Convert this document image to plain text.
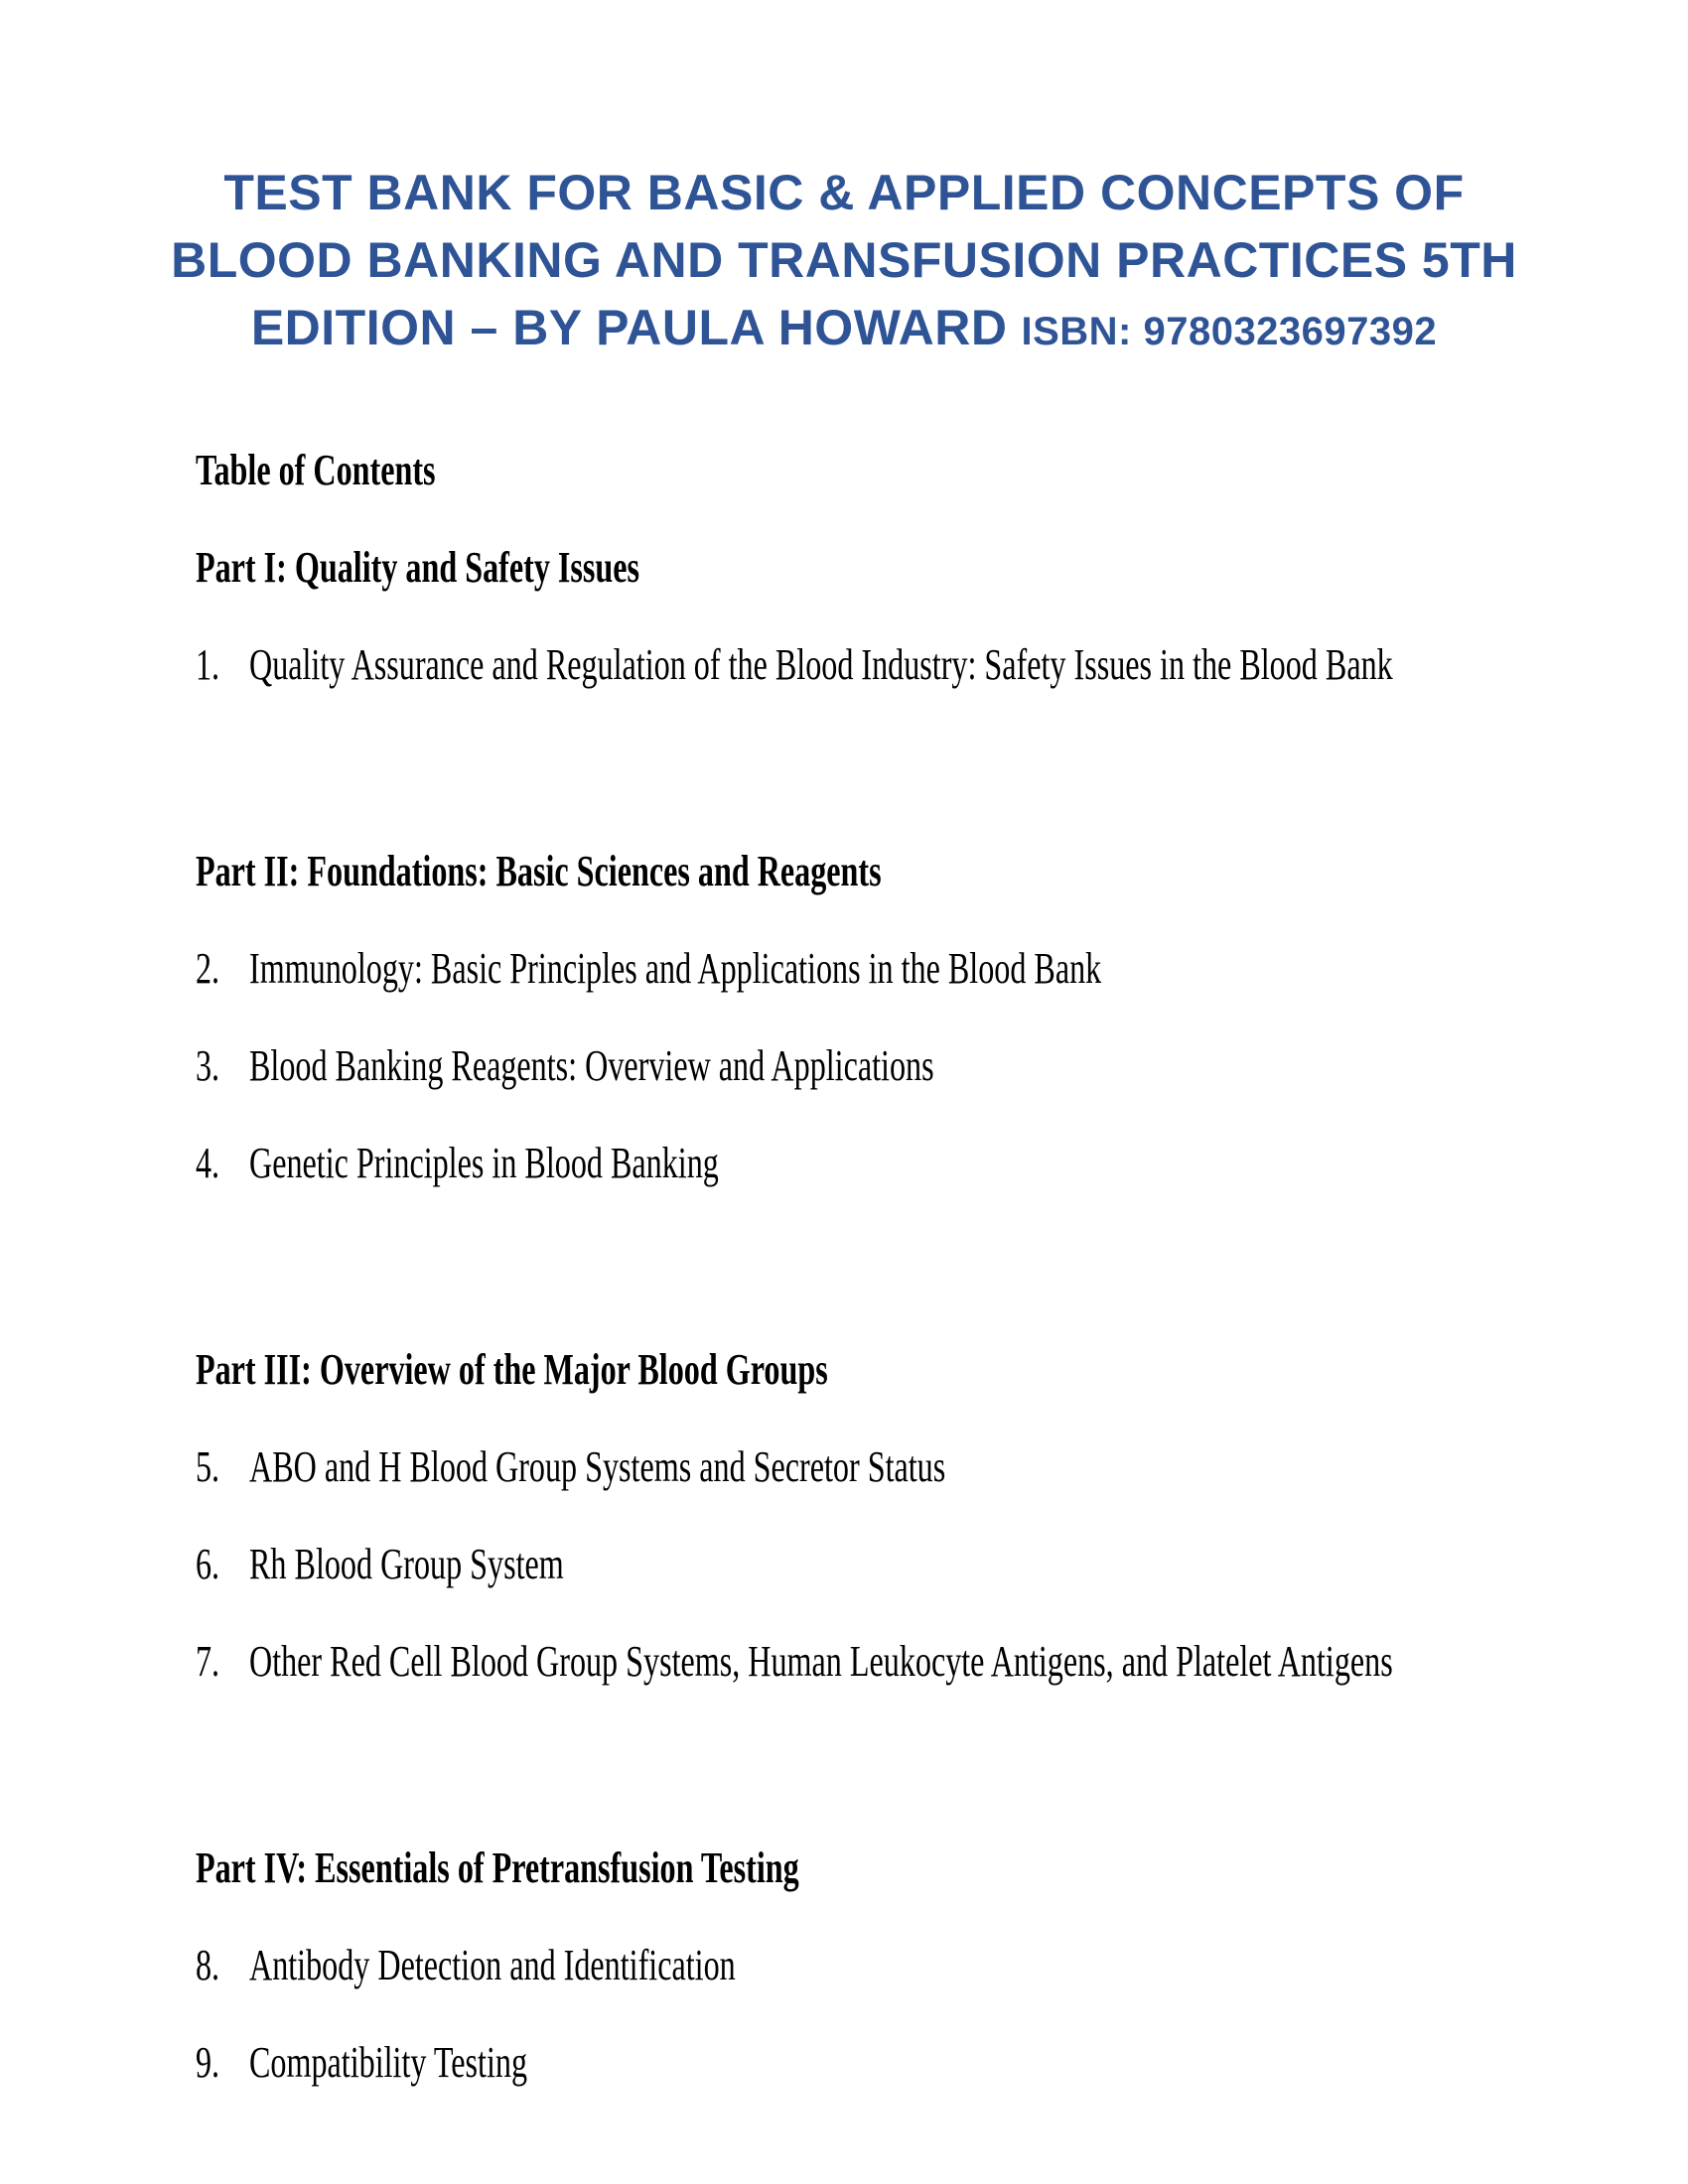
TEST BANK FOR BASIC & APPLIED CONCEPTS OF
BLOOD BANKING AND TRANSFUSION PRACTICES 5TH
EDITION – BY PAULA HOWARD ISBN: 9780323697392
Table of Contents
Part I: Quality and Safety Issues
1. Quality Assurance and Regulation of the Blood Industry: Safety Issues in the Blood Bank
Part II: Foundations: Basic Sciences and Reagents
2. Immunology: Basic Principles and Applications in the Blood Bank
3. Blood Banking Reagents: Overview and Applications
4. Genetic Principles in Blood Banking
Part III: Overview of the Major Blood Groups
5. ABO and H Blood Group Systems and Secretor Status
6. Rh Blood Group System
7. Other Red Cell Blood Group Systems, Human Leukocyte Antigens, and Platelet Antigens
Part IV: Essentials of Pretransfusion Testing
8. Antibody Detection and Identification
9. Compatibility Testing
